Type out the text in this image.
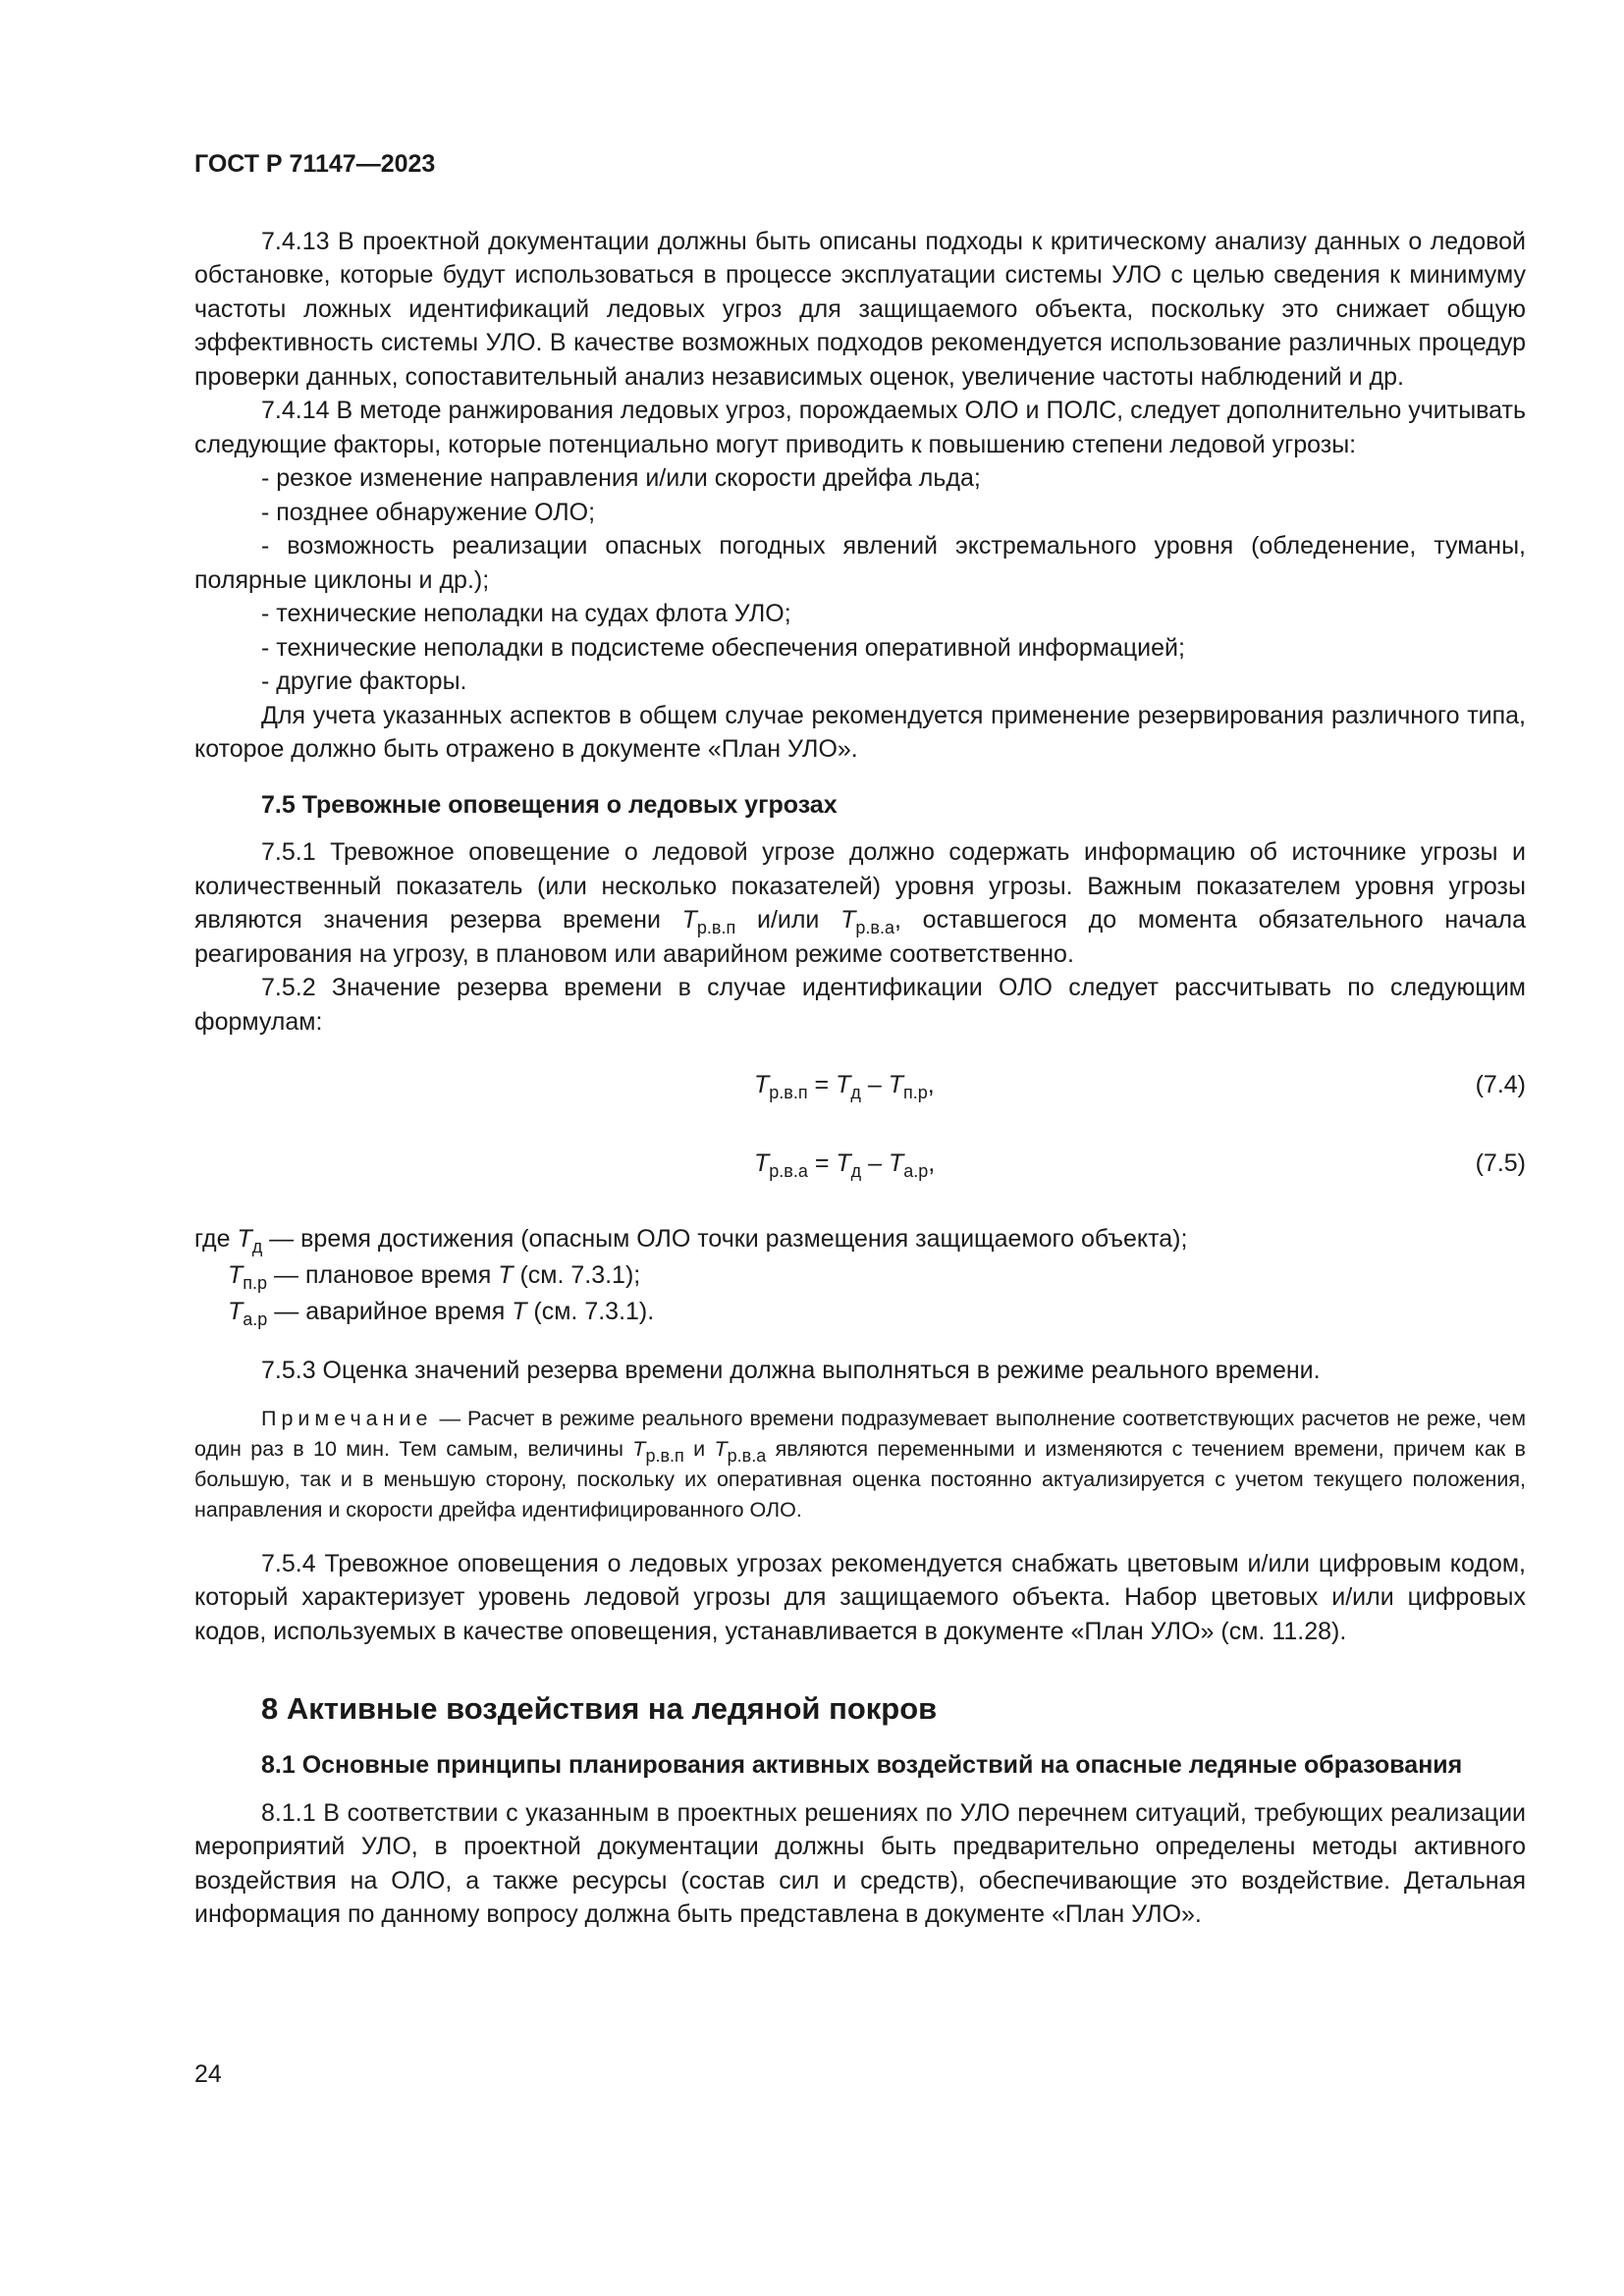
ГОСТ Р 71147—2023

7.4.13 В проектной документации должны быть описаны подходы к критическому анализу данных о ледовой обстановке, которые будут использоваться в процессе эксплуатации системы УЛО с целью сведения к минимуму частоты ложных идентификаций ледовых угроз для защищаемого объекта, поскольку это снижает общую эффективность системы УЛО. В качестве возможных подходов рекомендуется использование различных процедур проверки данных, сопоставительный анализ независимых оценок, увеличение частоты наблюдений и др.

7.4.14 В методе ранжирования ледовых угроз, порождаемых ОЛО и ПОЛС, следует дополнительно учитывать следующие факторы, которые потенциально могут приводить к повышению степени ледовой угрозы:

- резкое изменение направления и/или скорости дрейфа льда;

- позднее обнаружение ОЛО;

- возможность реализации опасных погодных явлений экстремального уровня (обледенение, туманы, полярные циклоны и др.);

- технические неполадки на судах флота УЛО;

- технические неполадки в подсистеме обеспечения оперативной информацией;

- другие факторы.

Для учета указанных аспектов в общем случае рекомендуется применение резервирования различного типа, которое должно быть отражено в документе «План УЛО».

7.5 Тревожные оповещения о ледовых угрозах

7.5.1 Тревожное оповещение о ледовой угрозе должно содержать информацию об источнике угрозы и количественный показатель (или несколько показателей) уровня угрозы. Важным показателем уровня угрозы являются значения резерва времени $T_{р.в.п}$ и/или $T_{р.в.а}$, оставшегося до момента обязательного начала реагирования на угрозу, в плановом или аварийном режиме соответственно.

7.5.2 Значение резерва времени в случае идентификации ОЛО следует рассчитывать по следующим формулам:

$T_{р.в.п} = T_д - T_{п.р}$,	(7.4)
$T_{р.в.а} = T_д - T_{а.р}$,	(7.5)
где $T_д$ — время достижения (опасным ОЛО точки размещения защищаемого объекта);
$T_{п.р}$ — плановое время T (см. 7.3.1);
$T_{а.р}$ — аварийное время T (см. 7.3.1).

7.5.3 Оценка значений резерва времени должна выполняться в режиме реального времени.

Примечание — Расчет в режиме реального времени подразумевает выполнение соответствующих расчетов не реже, чем один раз в 10 мин. Тем самым, величины $T_{р.в.п}$ и $T_{р.в.а}$ являются переменными и изменяются с течением времени, причем как в большую, так и в меньшую сторону, поскольку их оперативная оценка постоянно актуализируется с учетом текущего положения, направления и скорости дрейфа идентифицированного ОЛО.

7.5.4 Тревожное оповещения о ледовых угрозах рекомендуется снабжать цветовым и/или цифровым кодом, который характеризует уровень ледовой угрозы для защищаемого объекта. Набор цветовых и/или цифровых кодов, используемых в качестве оповещения, устанавливается в документе «План УЛО» (см. 11.28).

8 Активные воздействия на ледяной покров
8.1 Основные принципы планирования активных воздействий на опасные ледяные образования

8.1.1 В соответствии с указанным в проектных решениях по УЛО перечнем ситуаций, требующих реализации мероприятий УЛО, в проектной документации должны быть предварительно определены методы активного воздействия на ОЛО, а также ресурсы (состав сил и средств), обеспечивающие это воздействие. Детальная информация по данному вопросу должна быть представлена в документе «План УЛО».

24
